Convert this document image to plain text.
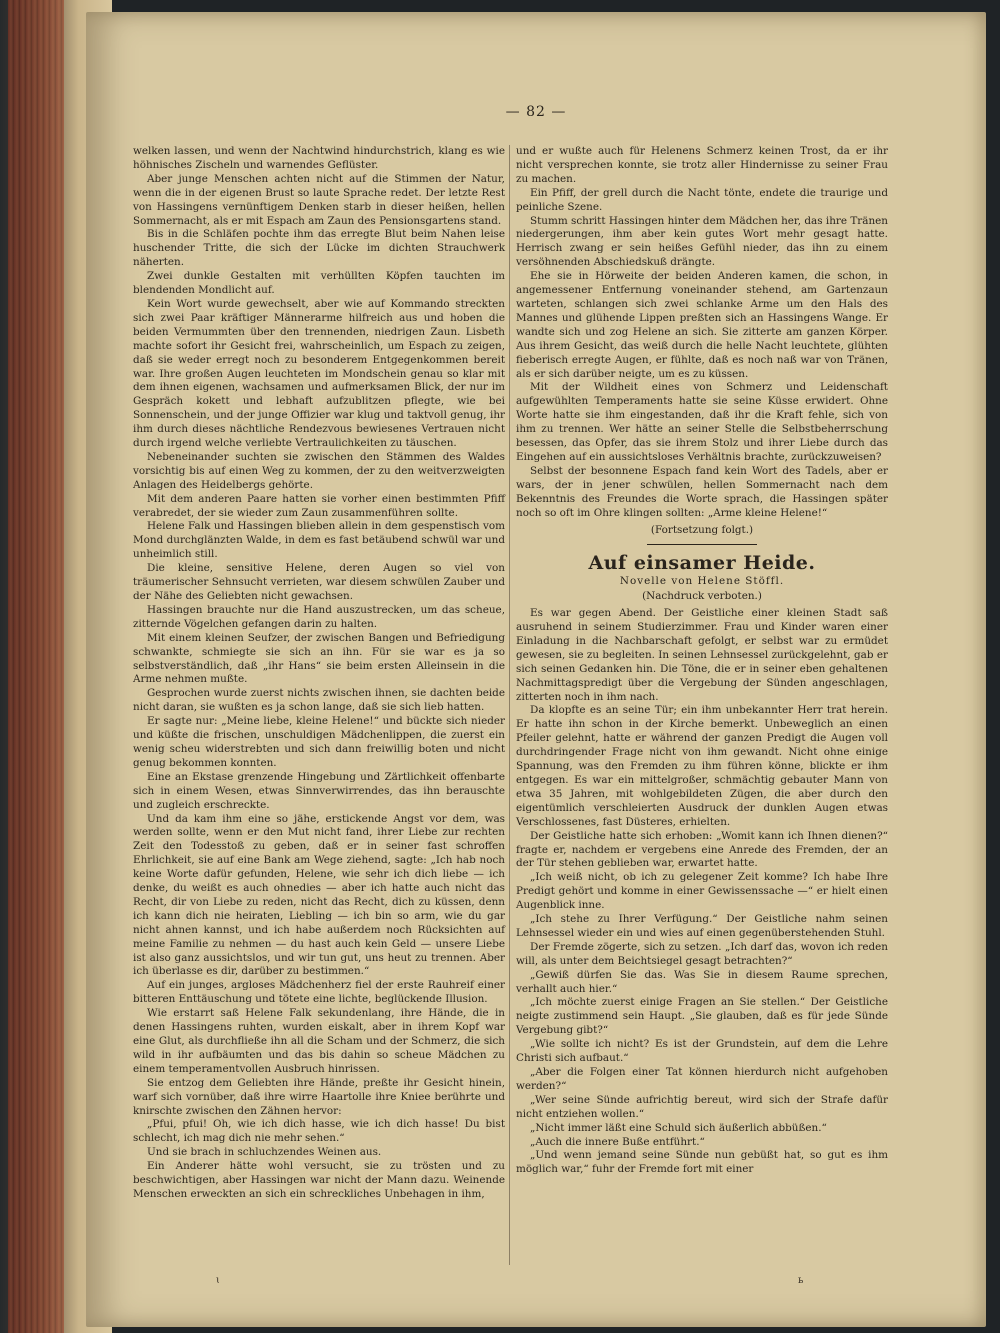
— 82 —

welken lassen, und wenn der Nachtwind hindurchstrich, klang es wie höhnisches Zischeln und warnendes Geflüster.

Aber junge Menschen achten nicht auf die Stimmen der Natur, wenn die in der eigenen Brust so laute Sprache redet. Der letzte Rest von Hassingens vernünftigem Denken starb in dieser heißen, hellen Sommernacht, als er mit Espach am Zaun des Pensionsgartens stand.

Bis in die Schläfen pochte ihm das erregte Blut beim Nahen leise huschender Tritte, die sich der Lücke im dichten Strauchwerk näherten.

Zwei dunkle Gestalten mit verhüllten Köpfen tauchten im blendenden Mondlicht auf.

Kein Wort wurde gewechselt, aber wie auf Kommando streckten sich zwei Paar kräftiger Männerarme hilfreich aus und hoben die beiden Vermummten über den trennenden, niedrigen Zaun. Lisbeth machte sofort ihr Gesicht frei, wahrscheinlich, um Espach zu zeigen, daß sie weder erregt noch zu besonderem Entgegenkommen bereit war. Ihre großen Augen leuchteten im Mondschein genau so klar mit dem ihnen eigenen, wachsamen und aufmerksamen Blick, der nur im Gespräch kokett und lebhaft aufzublitzen pflegte, wie bei Sonnenschein, und der junge Offizier war klug und taktvoll genug, ihr ihm durch dieses nächtliche Rendezvous bewiesenes Vertrauen nicht durch irgend welche verliebte Vertraulichkeiten zu täuschen.

Nebeneinander suchten sie zwischen den Stämmen des Waldes vorsichtig bis auf einen Weg zu kommen, der zu den weitverzweigten Anlagen des Heidelbergs gehörte.

Mit dem anderen Paare hatten sie vorher einen bestimmten Pfiff verabredet, der sie wieder zum Zaun zusammenführen sollte.

Helene Falk und Hassingen blieben allein in dem gespenstisch vom Mond durchglänzten Walde, in dem es fast betäubend schwül war und unheimlich still.

Die kleine, sensitive Helene, deren Augen so viel von träumerischer Sehnsucht verrieten, war diesem schwülen Zauber und der Nähe des Geliebten nicht gewachsen.

Hassingen brauchte nur die Hand auszustrecken, um das scheue, zitternde Vögelchen gefangen darin zu halten.

Mit einem kleinen Seufzer, der zwischen Bangen und Befriedigung schwankte, schmiegte sie sich an ihn. Für sie war es ja so selbstverständlich, daß „ihr Hans“ sie beim ersten Alleinsein in die Arme nehmen mußte.

Gesprochen wurde zuerst nichts zwischen ihnen, sie dachten beide nicht daran, sie wußten es ja schon lange, daß sie sich lieb hatten.

Er sagte nur: „Meine liebe, kleine Helene!“ und bückte sich nieder und küßte die frischen, unschuldigen Mädchenlippen, die zuerst ein wenig scheu widerstrebten und sich dann freiwillig boten und nicht genug bekommen konnten.

Eine an Ekstase grenzende Hingebung und Zärtlichkeit offenbarte sich in einem Wesen, etwas Sinnverwirrendes, das ihn berauschte und zugleich erschreckte.

Und da kam ihm eine so jähe, erstickende Angst vor dem, was werden sollte, wenn er den Mut nicht fand, ihrer Liebe zur rechten Zeit den Todesstoß zu geben, daß er in seiner fast schroffen Ehrlichkeit, sie auf eine Bank am Wege ziehend, sagte: „Ich hab noch keine Worte dafür gefunden, Helene, wie sehr ich dich liebe — ich denke, du weißt es auch ohnedies — aber ich hatte auch nicht das Recht, dir von Liebe zu reden, nicht das Recht, dich zu küssen, denn ich kann dich nie heiraten, Liebling — ich bin so arm, wie du gar nicht ahnen kannst, und ich habe außerdem noch Rücksichten auf meine Familie zu nehmen — du hast auch kein Geld — unsere Liebe ist also ganz aussichtslos, und wir tun gut, uns heut zu trennen. Aber ich überlasse es dir, darüber zu bestimmen.“

Auf ein junges, argloses Mädchenherz fiel der erste Rauhreif einer bitteren Enttäuschung und tötete eine lichte, beglückende Illusion.

Wie erstarrt saß Helene Falk sekundenlang, ihre Hände, die in denen Hassingens ruhten, wurden eiskalt, aber in ihrem Kopf war eine Glut, als durchfließe ihn all die Scham und der Schmerz, die sich wild in ihr aufbäumten und das bis dahin so scheue Mädchen zu einem temperamentvollen Ausbruch hinrissen.

Sie entzog dem Geliebten ihre Hände, preßte ihr Gesicht hinein, warf sich vornüber, daß ihre wirre Haartolle ihre Kniee berührte und knirschte zwischen den Zähnen hervor:

„Pfui, pfui! Oh, wie ich dich hasse, wie ich dich hasse! Du bist schlecht, ich mag dich nie mehr sehen.“

Und sie brach in schluchzendes Weinen aus.

Ein Anderer hätte wohl versucht, sie zu trösten und zu beschwichtigen, aber Hassingen war nicht der Mann dazu. Weinende Menschen erweckten an sich ein schreckliches Unbehagen in ihm,

und er wußte auch für Helenens Schmerz keinen Trost, da er ihr nicht versprechen konnte, sie trotz aller Hindernisse zu seiner Frau zu machen.

Ein Pfiff, der grell durch die Nacht tönte, endete die traurige und peinliche Szene.

Stumm schritt Hassingen hinter dem Mädchen her, das ihre Tränen niedergerungen, ihm aber kein gutes Wort mehr gesagt hatte. Herrisch zwang er sein heißes Gefühl nieder, das ihn zu einem versöhnenden Abschiedskuß drängte.

Ehe sie in Hörweite der beiden Anderen kamen, die schon, in angemessener Entfernung voneinander stehend, am Gartenzaun warteten, schlangen sich zwei schlanke Arme um den Hals des Mannes und glühende Lippen preßten sich an Hassingens Wange. Er wandte sich und zog Helene an sich. Sie zitterte am ganzen Körper. Aus ihrem Gesicht, das weiß durch die helle Nacht leuchtete, glühten fieberisch erregte Augen, er fühlte, daß es noch naß war von Tränen, als er sich darüber neigte, um es zu küssen.

Mit der Wildheit eines von Schmerz und Leidenschaft aufgewühlten Temperaments hatte sie seine Küsse erwidert. Ohne Worte hatte sie ihm eingestanden, daß ihr die Kraft fehle, sich von ihm zu trennen. Wer hätte an seiner Stelle die Selbstbeherrschung besessen, das Opfer, das sie ihrem Stolz und ihrer Liebe durch das Eingehen auf ein aussichtsloses Verhältnis brachte, zurückzuweisen?

Selbst der besonnene Espach fand kein Wort des Tadels, aber er wars, der in jener schwülen, hellen Sommernacht nach dem Bekenntnis des Freundes die Worte sprach, die Hassingen später noch so oft im Ohre klingen sollten: „Arme kleine Helene!“

(Fortsetzung folgt.)

Auf einsamer Heide.

Novelle von Helene Stöffl.

(Nachdruck verboten.)

Es war gegen Abend. Der Geistliche einer kleinen Stadt saß ausruhend in seinem Studierzimmer. Frau und Kinder waren einer Einladung in die Nachbarschaft gefolgt, er selbst war zu ermüdet gewesen, sie zu begleiten. In seinen Lehnsessel zurückgelehnt, gab er sich seinen Gedanken hin. Die Töne, die er in seiner eben gehaltenen Nachmittagspredigt über die Vergebung der Sünden angeschlagen, zitterten noch in ihm nach.

Da klopfte es an seine Tür; ein ihm unbekannter Herr trat herein. Er hatte ihn schon in der Kirche bemerkt. Unbeweglich an einen Pfeiler gelehnt, hatte er während der ganzen Predigt die Augen voll durchdringender Frage nicht von ihm gewandt. Nicht ohne einige Spannung, was den Fremden zu ihm führen könne, blickte er ihm entgegen. Es war ein mittelgroßer, schmächtig gebauter Mann von etwa 35 Jahren, mit wohlgebildeten Zügen, die aber durch den eigentümlich verschleierten Ausdruck der dunklen Augen etwas Verschlossenes, fast Düsteres, erhielten.

Der Geistliche hatte sich erhoben: „Womit kann ich Ihnen dienen?“ fragte er, nachdem er vergebens eine Anrede des Fremden, der an der Tür stehen geblieben war, erwartet hatte.

„Ich weiß nicht, ob ich zu gelegener Zeit komme? Ich habe Ihre Predigt gehört und komme in einer Gewissenssache —“ er hielt einen Augenblick inne.

„Ich stehe zu Ihrer Verfügung.“ Der Geistliche nahm seinen Lehnsessel wieder ein und wies auf einen gegenüberstehenden Stuhl.

Der Fremde zögerte, sich zu setzen. „Ich darf das, wovon ich reden will, als unter dem Beichtsiegel gesagt betrachten?“

„Gewiß dürfen Sie das. Was Sie in diesem Raume sprechen, verhallt auch hier.“

„Ich möchte zuerst einige Fragen an Sie stellen.“ Der Geistliche neigte zustimmend sein Haupt. „Sie glauben, daß es für jede Sünde Vergebung gibt?“

„Wie sollte ich nicht? Es ist der Grundstein, auf dem die Lehre Christi sich aufbaut.“

„Aber die Folgen einer Tat können hierdurch nicht aufgehoben werden?“

„Wer seine Sünde aufrichtig bereut, wird sich der Strafe dafür nicht entziehen wollen.“

„Nicht immer läßt eine Schuld sich äußerlich abbüßen.“

„Auch die innere Buße entführt.“

„Und wenn jemand seine Sünde nun gebüßt hat, so gut es ihm möglich war,“ fuhr der Fremde fort mit einer

ɩ	ь
